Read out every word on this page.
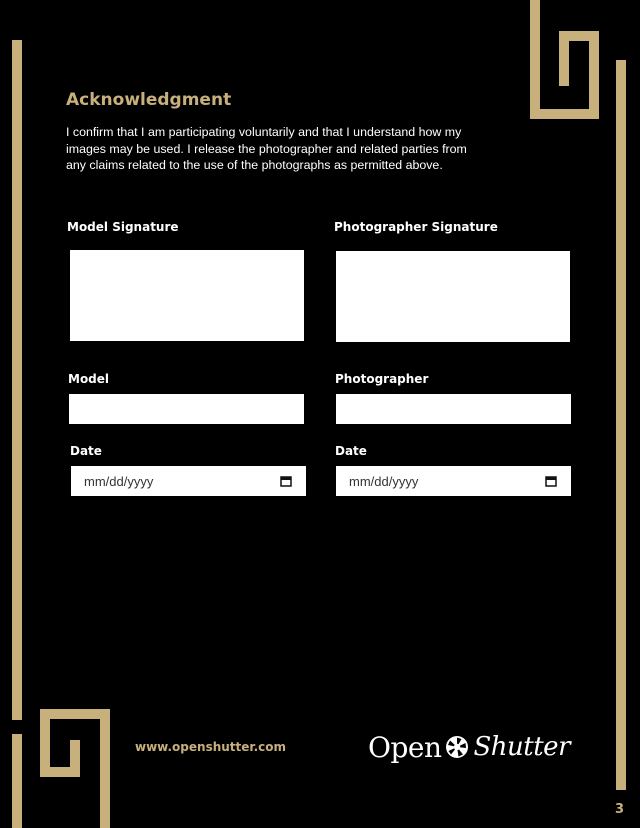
Acknowledgment

I confirm that I am participating voluntarily and that I understand how my images may be used. I release the photographer and related parties from any claims related to the use of the photographs as permitted above.

Model Signature	Photographer Signature
Model	Photographer
Date	Date
mm/dd/yyyy	mm/dd/yyyy
www.openshutter.com	Open Shutter
3
